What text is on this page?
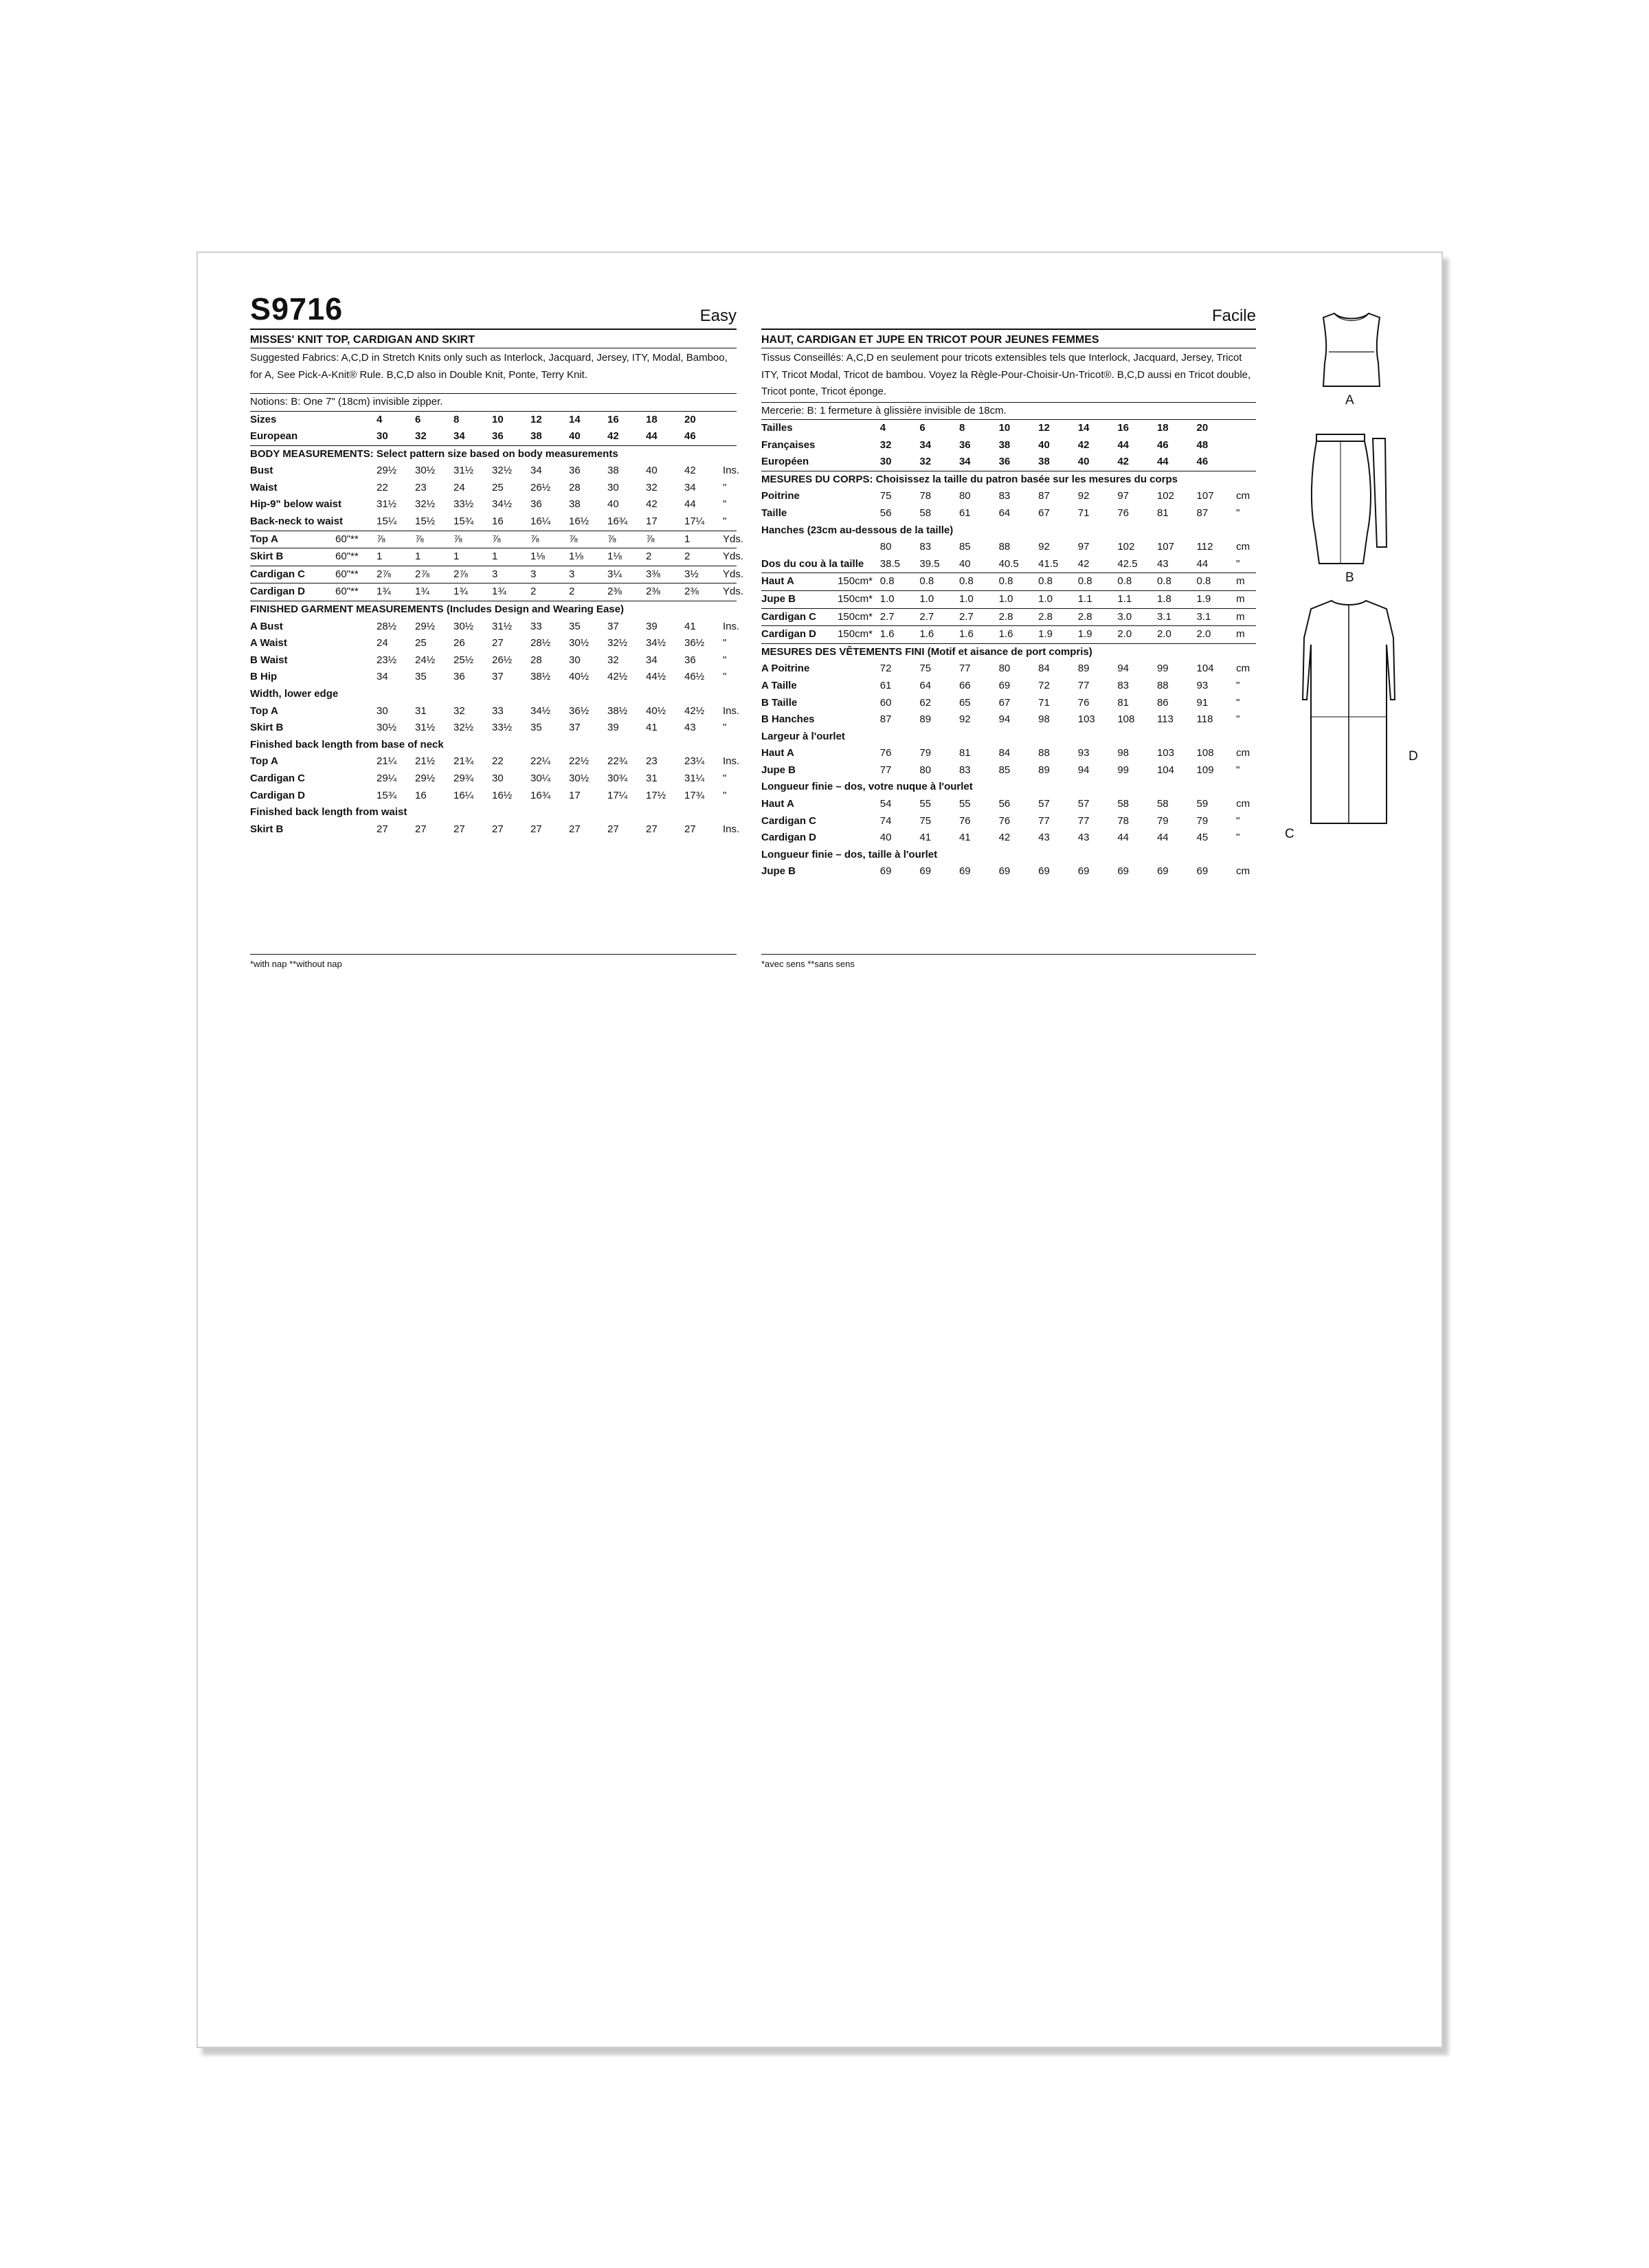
S9716	Easy
MISSES' KNIT TOP, CARDIGAN AND SKIRT
Suggested Fabrics: A,C,D in Stretch Knits only such as Interlock, Jacquard, Jersey, ITY, Modal, Bamboo, for A, See Pick-A-Knit® Rule. B,C,D also in Double Knit, Ponte, Terry Knit.
Notions: B: One 7" (18cm) invisible zipper.
Sizes		4	6	8	10	12	14	16	18	20	
European		30	32	34	36	38	40	42	44	46	
BODY MEASUREMENTS: Select pattern size based on body measurements											
Bust		29½	30½	31½	32½	34	36	38	40	42	Ins.
Waist		22	23	24	25	26½	28	30	32	34	"
Hip-9" below waist		31½	32½	33½	34½	36	38	40	42	44	"
Back-neck to waist		15¼	15½	15¾	16	16¼	16½	16¾	17	17¼	"
Top A	60"**	⅞	⅞	⅞	⅞	⅞	⅞	⅞	⅞	1	Yds.
Skirt B	60"**	1	1	1	1	1⅛	1⅛	1⅛	2	2	Yds.
Cardigan C	60"**	2⅞	2⅞	2⅞	3	3	3	3¼	3⅜	3½	Yds.
Cardigan D	60"**	1¾	1¾	1¾	1¾	2	2	2⅜	2⅜	2⅜	Yds.
FINISHED GARMENT MEASUREMENTS (Includes Design and Wearing Ease)											
A Bust		28½	29½	30½	31½	33	35	37	39	41	Ins.
A Waist		24	25	26	27	28½	30½	32½	34½	36½	"
B Waist		23½	24½	25½	26½	28	30	32	34	36	"
B Hip		34	35	36	37	38½	40½	42½	44½	46½	"
Width, lower edge											
Top A		30	31	32	33	34½	36½	38½	40½	42½	Ins.
Skirt B		30½	31½	32½	33½	35	37	39	41	43	"
Finished back length from base of neck											
Top A		21¼	21½	21¾	22	22¼	22½	22¾	23	23¼	Ins.
Cardigan C		29¼	29½	29¾	30	30¼	30½	30¾	31	31¼	"
Cardigan D		15¾	16	16¼	16½	16¾	17	17¼	17½	17¾	"
Finished back length from waist											
Skirt B		27	27	27	27	27	27	27	27	27	Ins.
*with nap **without nap
Facile
HAUT, CARDIGAN ET JUPE EN TRICOT POUR JEUNES FEMMES
Tissus Conseillés: A,C,D en seulement pour tricots extensibles tels que Interlock, Jacquard, Jersey, Tricot ITY, Tricot Modal, Tricot de bambou. Voyez la Règle-Pour-Choisir-Un-Tricot®. B,C,D aussi en Tricot double, Tricot ponte, Tricot éponge.
Mercerie: B: 1 fermeture à glissière invisible de 18cm.
Tailles		4	6	8	10	12	14	16	18	20	
Françaises		32	34	36	38	40	42	44	46	48	
Européen		30	32	34	36	38	40	42	44	46	
MESURES DU CORPS: Choisissez la taille du patron basée sur les mesures du corps											
Poitrine		75	78	80	83	87	92	97	102	107	cm
Taille		56	58	61	64	67	71	76	81	87	"
Hanches (23cm au-dessous de la taille)											
		80	83	85	88	92	97	102	107	112	cm
Dos du cou à la taille		38.5	39.5	40	40.5	41.5	42	42.5	43	44	"
Haut A	150cm*	0.8	0.8	0.8	0.8	0.8	0.8	0.8	0.8	0.8	m
Jupe B	150cm*	1.0	1.0	1.0	1.0	1.0	1.1	1.1	1.8	1.9	m
Cardigan C	150cm*	2.7	2.7	2.7	2.8	2.8	2.8	3.0	3.1	3.1	m
Cardigan D	150cm*	1.6	1.6	1.6	1.6	1.9	1.9	2.0	2.0	2.0	m
MESURES DES VÊTEMENTS FINI (Motif et aisance de port compris)											
A Poitrine		72	75	77	80	84	89	94	99	104	cm
A Taille		61	64	66	69	72	77	83	88	93	"
B Taille		60	62	65	67	71	76	81	86	91	"
B Hanches		87	89	92	94	98	103	108	113	118	"
Largeur à l'ourlet											
Haut A		76	79	81	84	88	93	98	103	108	cm
Jupe B		77	80	83	85	89	94	99	104	109	"
Longueur finie – dos, votre nuque à l'ourlet											
Haut A		54	55	55	56	57	57	58	58	59	cm
Cardigan C		74	75	76	76	77	77	78	79	79	"
Cardigan D		40	41	41	42	43	43	44	44	45	"
Longueur finie – dos, taille à l'ourlet											
Jupe B		69	69	69	69	69	69	69	69	69	cm
*avec sens **sans sens
A
B
D
C
